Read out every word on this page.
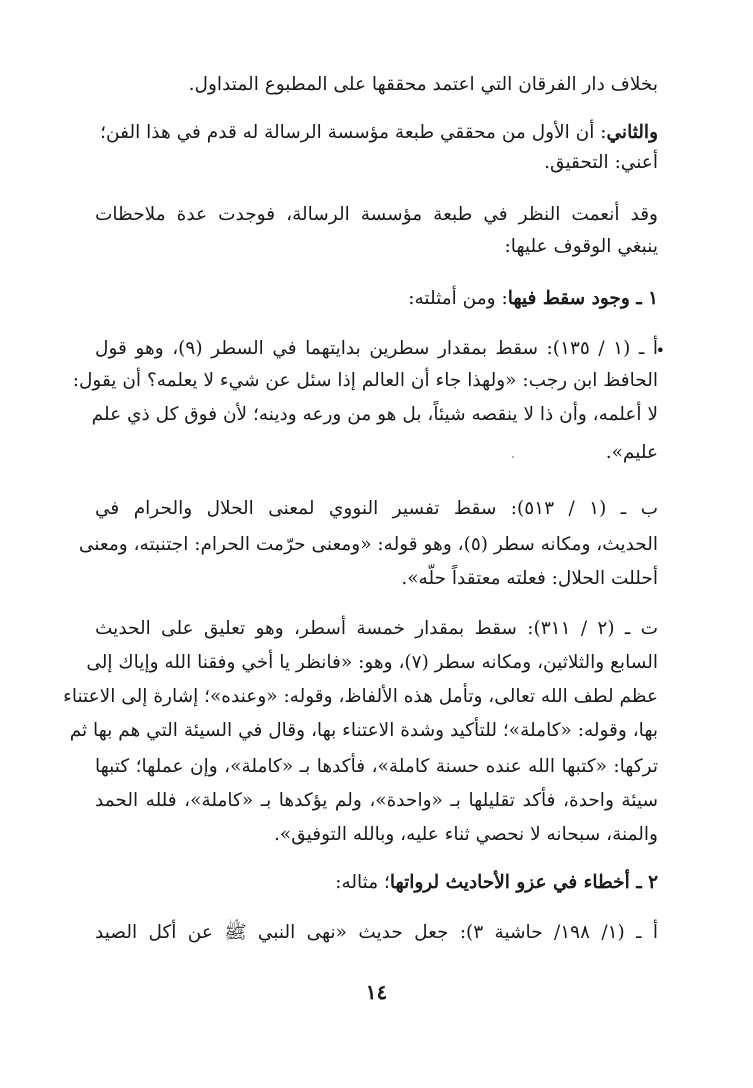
بخلاف دار الفرقان التي اعتمد محققها على المطبوع المتداول.
والثاني: أن الأول من محققي طبعة مؤسسة الرسالة له قدم في هذا الفن؛
أعني: التحقيق.
وقد أنعمت النظر في طبعة مؤسسة الرسالة، فوجدت عدة ملاحظات
ينبغي الوقوف عليها:
١ ـ وجود سقط فيها: ومن أمثلته:
•
أ ـ (١ / ١٣٥): سقط بمقدار سطرين بدايتهما في السطر (٩)، وهو قول
الحافظ ابن رجب: «ولهذا جاء أن العالم إذا سئل عن شيء لا يعلمه؟ أن يقول:
لا أعلمه، وأن ذا لا ينقصه شيئاً، بل هو من ورعه ودينه؛ لأن فوق كل ذي علم
عليم».
ب ـ (١ / ٥١٣): سقط تفسير النووي لمعنى الحلال والحرام في
الحديث، ومكانه سطر (٥)، وهو قوله: «ومعنى حرّمت الحرام: اجتنبته، ومعنى
أحللت الحلال: فعلته معتقداً حلّه».
ت ـ (٢ / ٣١١): سقط بمقدار خمسة أسطر، وهو تعليق على الحديث
السابع والثلاثين، ومكانه سطر (٧)، وهو: «فانظر يا أخي وفقنا الله وإياك إلى
عظم لطف الله تعالى، وتأمل هذه الألفاظ، وقوله: «وعنده»؛ إشارة إلى الاعتناء
بها، وقوله: «كاملة»؛ للتأكيد وشدة الاعتناء بها، وقال في السيئة التي هم بها ثم
تركها: «كتبها الله عنده حسنة كاملة»، فأكدها بـ «كاملة»، وإن عملها؛ كتبها
سيئة واحدة، فأكد تقليلها بـ «واحدة»، ولم يؤكدها بـ «كاملة»، فلله الحمد
والمنة، سبحانه لا نحصي ثناء عليه، وبالله التوفيق».
٢ ـ أخطاء في عزو الأحاديث لرواتها؛ مثاله:
أ ـ (١/ ١٩٨/ حاشية ٣): جعل حديث «نهى النبي ﷺ عن أكل الصيد
١٤
